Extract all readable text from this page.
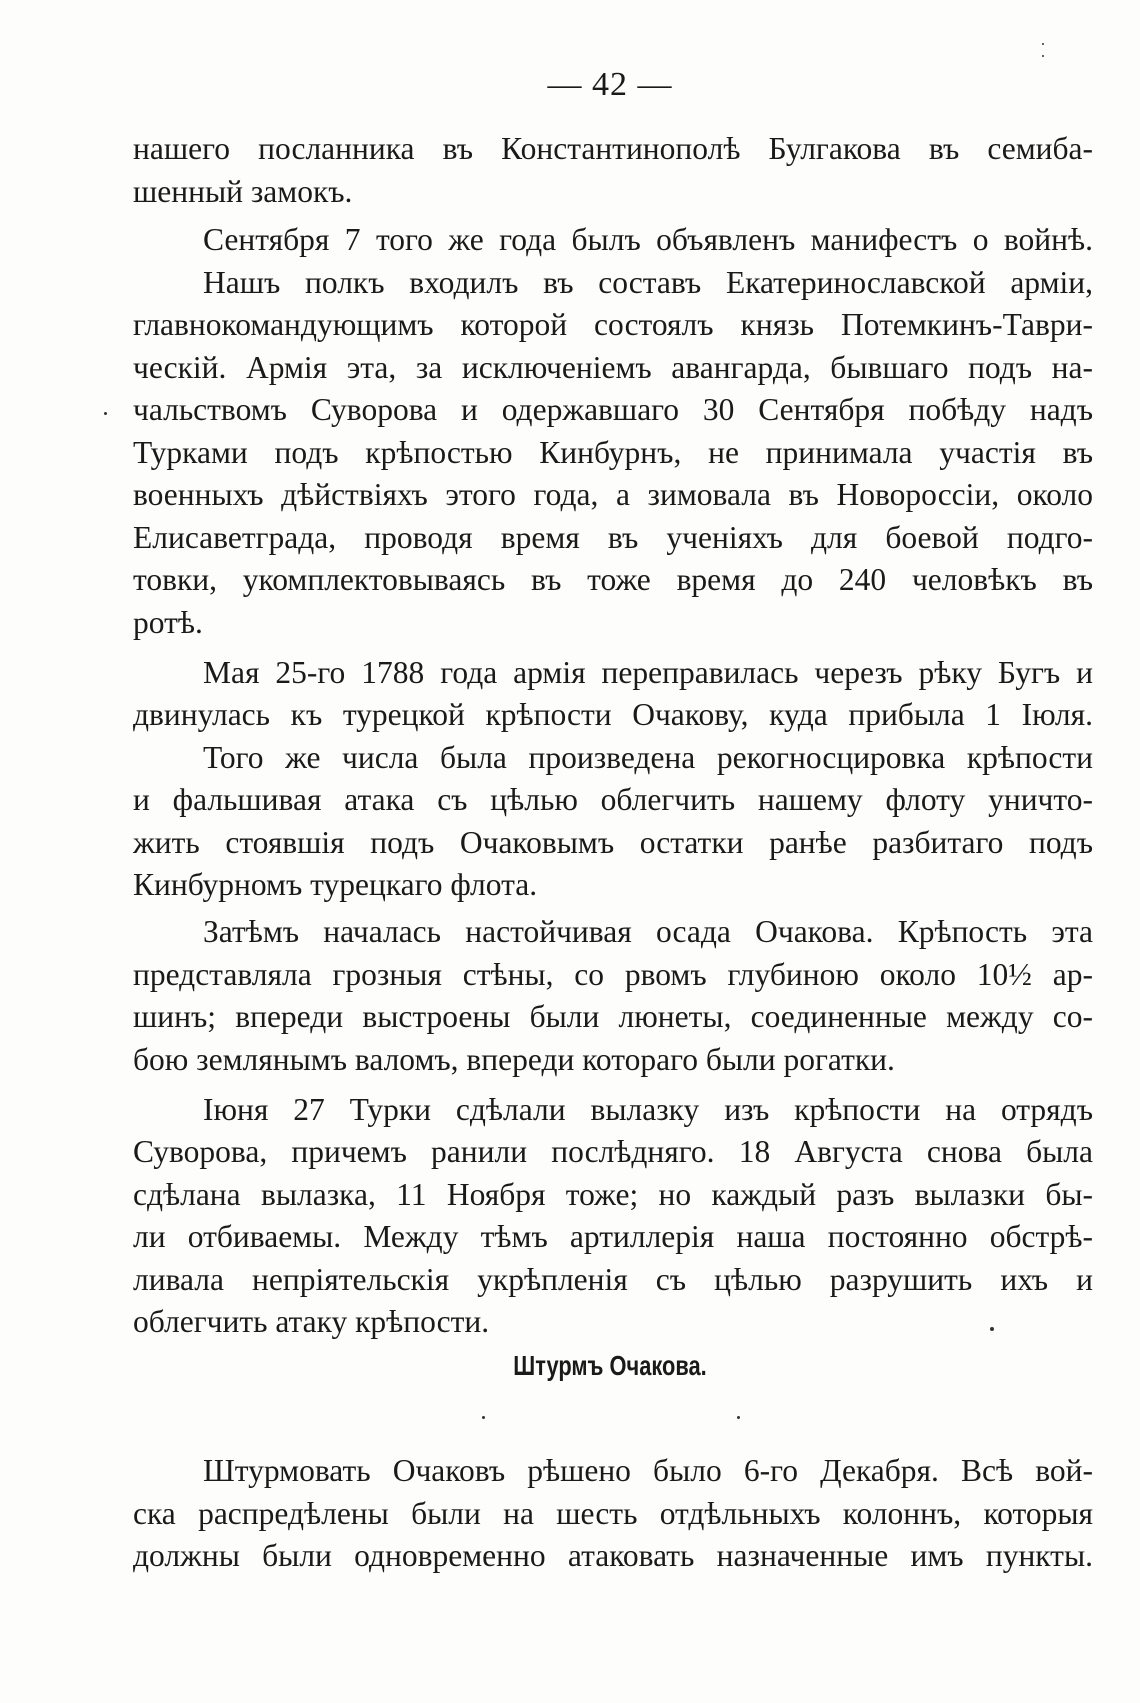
— 42 —
нашего посланника въ Константинополѣ Булгакова въ семиба-
шенный замокъ.
Сентября 7 того же года былъ объявленъ манифестъ о войнѣ.
Нашъ полкъ входилъ въ составъ Екатеринославской арміи,
главнокомандующимъ которой состоялъ князь Потемкинъ-Таври-
ческій. Армія эта, за исключеніемъ авангарда, бывшаго подъ на-
чальствомъ Суворова и одержавшаго 30 Сентября побѣду надъ
Турками подъ крѣпостью Кинбурнъ, не принимала участія въ
военныхъ дѣйствіяхъ этого года, а зимовала въ Новороссіи, около
Елисаветграда, проводя время въ ученіяхъ для боевой подго-
товки, укомплектовываясь въ тоже время до 240 человѣкъ въ
ротѣ.
Мая 25-го 1788 года армія переправилась черезъ рѣку Бугъ и
двинулась къ турецкой крѣпости Очакову, куда прибыла 1 Іюля.
Того же числа была произведена рекогносцировка крѣпости
и фальшивая атака съ цѣлью облегчить нашему флоту уничто-
жить стоявшія подъ Очаковымъ остатки ранѣе разбитаго подъ
Кинбурномъ турецкаго флота.
Затѣмъ началась настойчивая осада Очакова. Крѣпость эта
представляла грозныя стѣны, со рвомъ глубиною около 10½ ар-
шинъ; впереди выстроены были люнеты, соединенные между со-
бою землянымъ валомъ, впереди котораго были рогатки.
Іюня 27 Турки сдѣлали вылазку изъ крѣпости на отрядъ
Суворова, причемъ ранили послѣдняго. 18 Августа снова была
сдѣлана вылазка, 11 Ноября тоже; но каждый разъ вылазки бы-
ли отбиваемы. Между тѣмъ артиллерія наша постоянно обстрѣ-
ливала непріятельскія укрѣпленія съ цѣлью разрушить ихъ и
облегчить атаку крѣпости.
Штурмъ Очакова.
Штурмовать Очаковъ рѣшено было 6-го Декабря. Всѣ вой-
ска распредѣлены были на шесть отдѣльныхъ колоннъ, которыя
должны были одновременно атаковать назначенные имъ пункты.
